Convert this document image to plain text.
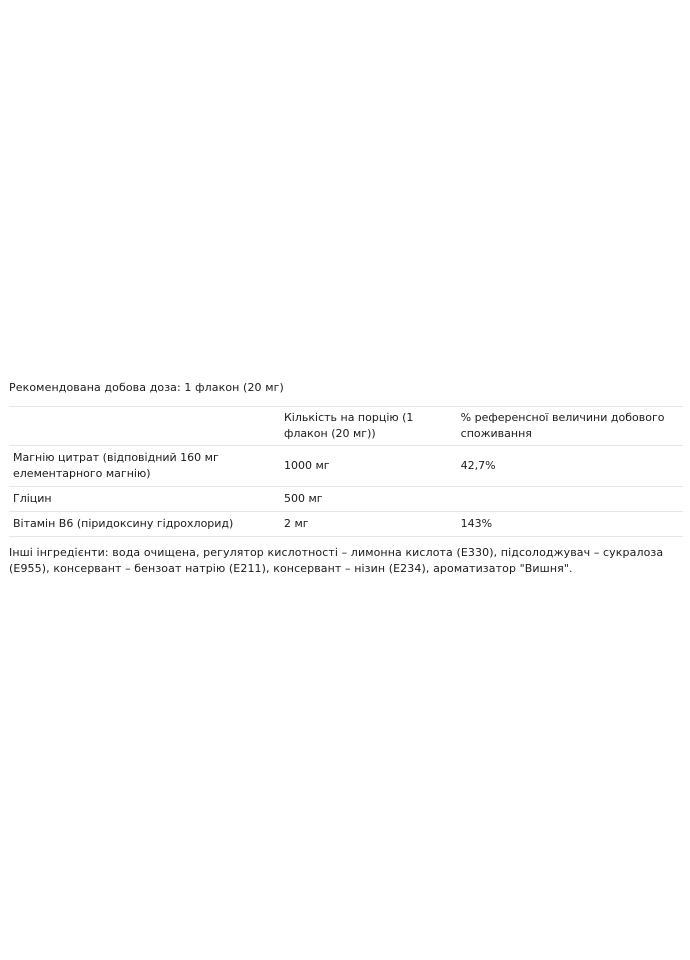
Рекомендована добова доза: 1 флакон (20 мг)
	Кількість на порцію (1 флакон (20 мг))	% референсної величини добового споживання
Магнію цитрат (відповідний 160 мг елементарного магнію)	1000 мг	42,7%
Гліцин	500 мг	
Вітамін В6 (піридоксину гідрохлорид)	2 мг	143%
Інші інгредієнти: вода очищена, регулятор кислотності – лимонна кислота (Е330), підсолоджувач – сукралоза (Е955), консервант – бензоат натрію (Е211), консервант – нізин (Е234), ароматизатор "Вишня".
